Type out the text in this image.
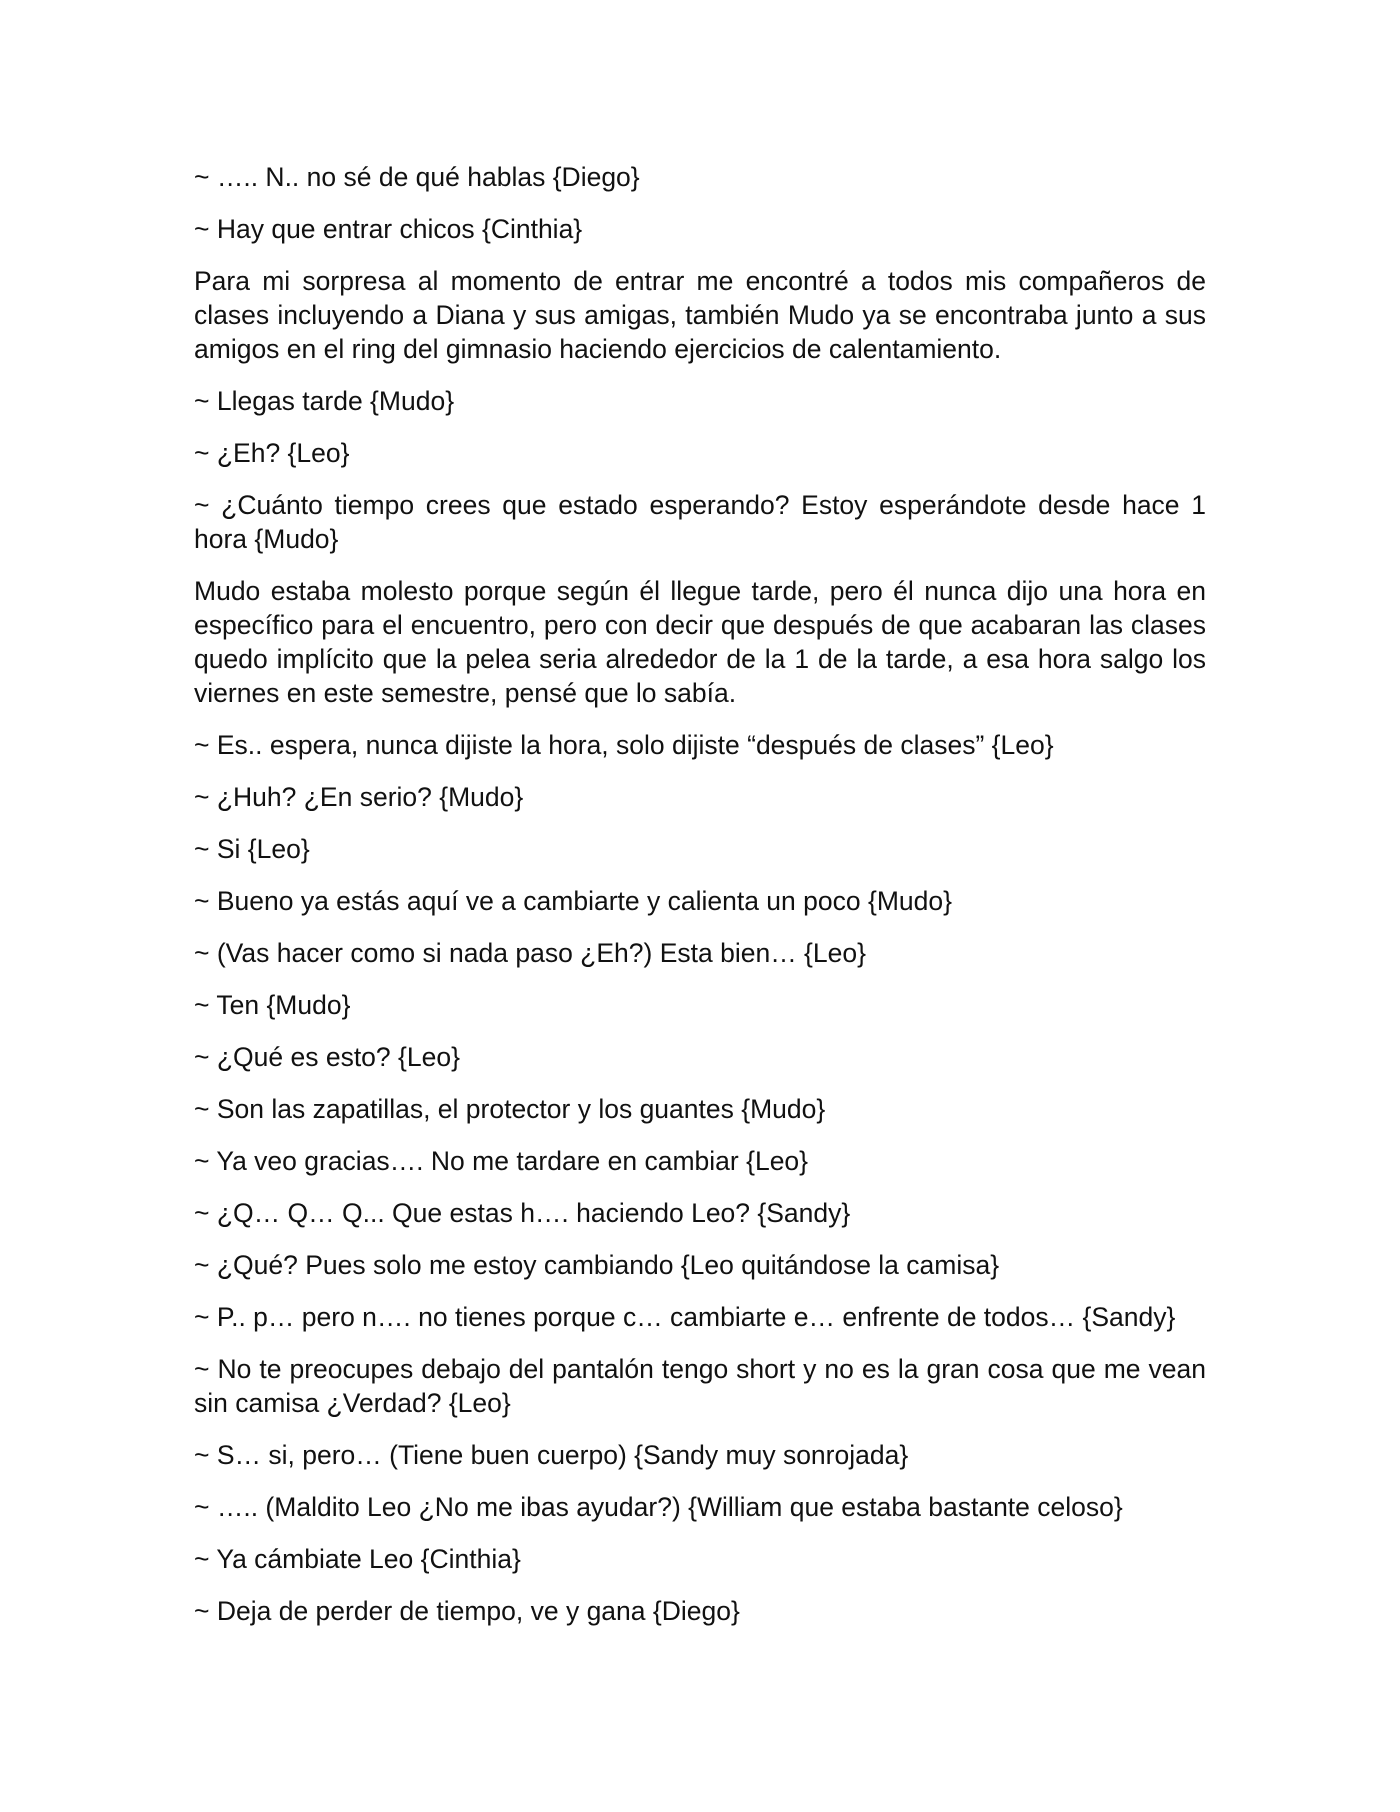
~ ….. N.. no sé de qué hablas {Diego}

~ Hay que entrar chicos {Cinthia}

Para mi sorpresa al momento de entrar me encontré a todos mis compañeros de clases incluyendo a Diana y sus amigas, también Mudo ya se encontraba junto a sus amigos en el ring del gimnasio haciendo ejercicios de calentamiento.

~ Llegas tarde {Mudo}

~ ¿Eh? {Leo}

~ ¿Cuánto tiempo crees que estado esperando? Estoy esperándote desde hace 1 hora {Mudo}

Mudo estaba molesto porque según él llegue tarde, pero él nunca dijo una hora en específico para el encuentro, pero con decir que después de que acabaran las clases quedo implícito que la pelea seria alrededor de la 1 de la tarde, a esa hora salgo los viernes en este semestre, pensé que lo sabía.

~ Es.. espera, nunca dijiste la hora, solo dijiste “después de clases” {Leo}

~ ¿Huh? ¿En serio? {Mudo}

~ Si {Leo}

~ Bueno ya estás aquí ve a cambiarte y calienta un poco {Mudo}

~ (Vas hacer como si nada paso ¿Eh?) Esta bien… {Leo}

~ Ten {Mudo}

~ ¿Qué es esto? {Leo}

~ Son las zapatillas, el protector y los guantes {Mudo}

~ Ya veo gracias…. No me tardare en cambiar {Leo}

~ ¿Q… Q… Q... Que estas h…. haciendo Leo? {Sandy}

~ ¿Qué? Pues solo me estoy cambiando {Leo quitándose la camisa}

~ P.. p… pero n…. no tienes porque c… cambiarte e… enfrente de todos… {Sandy}

~ No te preocupes debajo del pantalón tengo short y no es la gran cosa que me vean sin camisa ¿Verdad? {Leo}

~ S… si, pero… (Tiene buen cuerpo) {Sandy muy sonrojada}

~ ….. (Maldito Leo ¿No me ibas ayudar?) {William que estaba bastante celoso}

~ Ya cámbiate Leo {Cinthia}

~ Deja de perder de tiempo, ve y gana {Diego}
